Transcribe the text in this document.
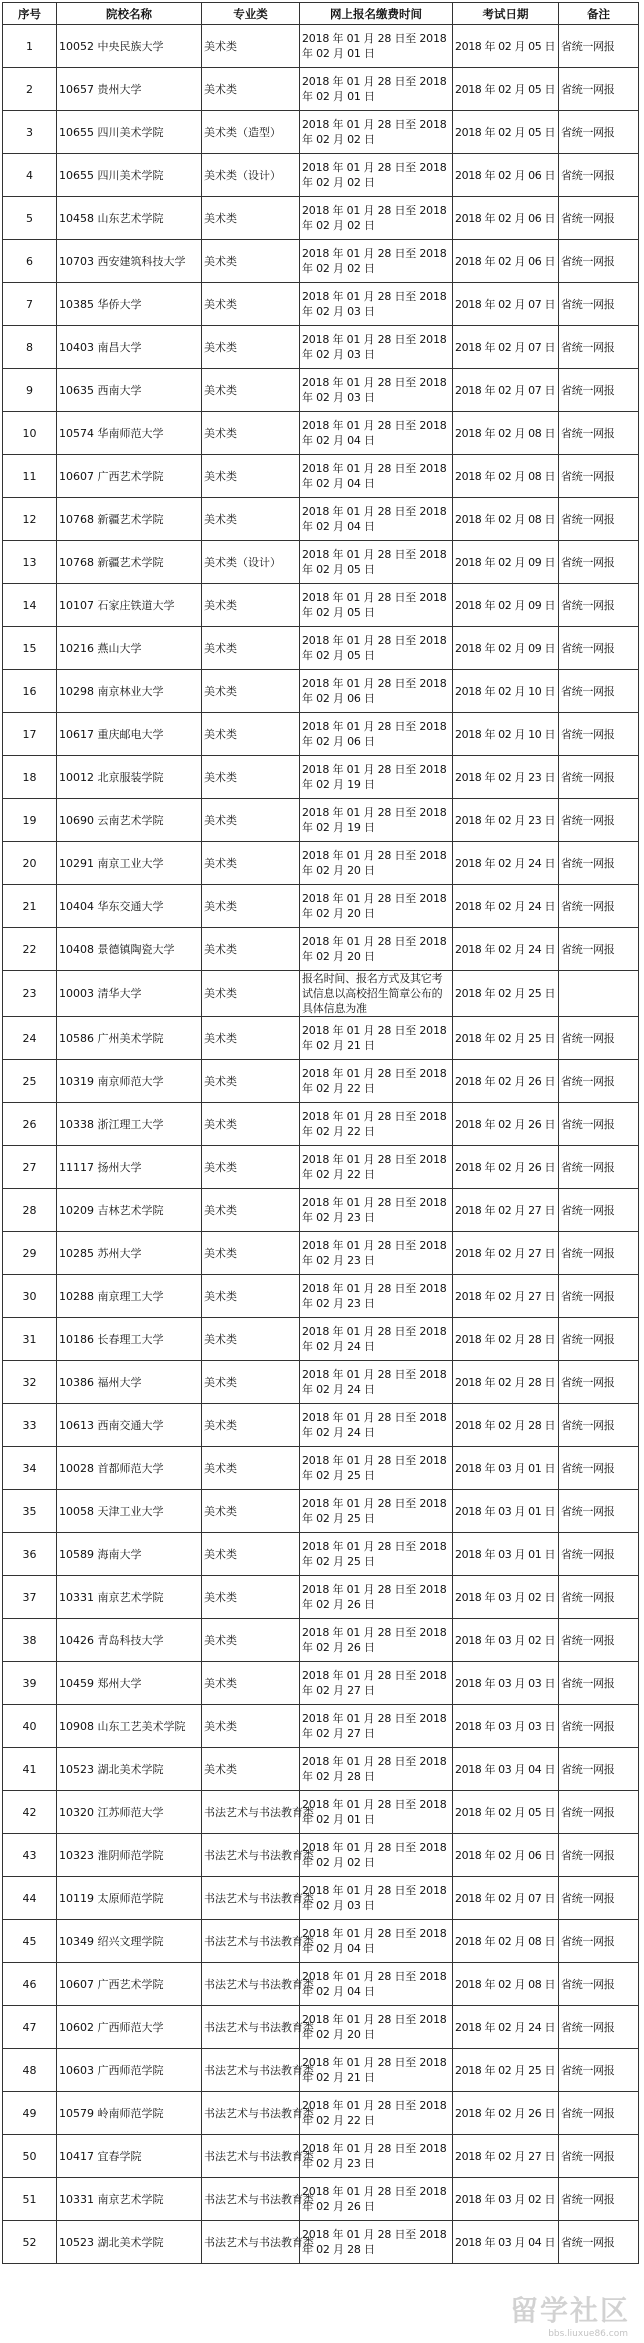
序号	院校名称	专业类	网上报名缴费时间	考试日期	备注
1	10052 中央民族大学	美术类	2018 年 01 月 28 日至 2018 年 02 月 01 日	2018 年 02 月 05 日	省统一网报
2	10657 贵州大学	美术类	2018 年 01 月 28 日至 2018 年 02 月 01 日	2018 年 02 月 05 日	省统一网报
3	10655 四川美术学院	美术类（造型）	2018 年 01 月 28 日至 2018 年 02 月 02 日	2018 年 02 月 05 日	省统一网报
4	10655 四川美术学院	美术类（设计）	2018 年 01 月 28 日至 2018 年 02 月 02 日	2018 年 02 月 06 日	省统一网报
5	10458 山东艺术学院	美术类	2018 年 01 月 28 日至 2018 年 02 月 02 日	2018 年 02 月 06 日	省统一网报
6	10703 西安建筑科技大学	美术类	2018 年 01 月 28 日至 2018 年 02 月 02 日	2018 年 02 月 06 日	省统一网报
7	10385 华侨大学	美术类	2018 年 01 月 28 日至 2018 年 02 月 03 日	2018 年 02 月 07 日	省统一网报
8	10403 南昌大学	美术类	2018 年 01 月 28 日至 2018 年 02 月 03 日	2018 年 02 月 07 日	省统一网报
9	10635 西南大学	美术类	2018 年 01 月 28 日至 2018 年 02 月 03 日	2018 年 02 月 07 日	省统一网报
10	10574 华南师范大学	美术类	2018 年 01 月 28 日至 2018 年 02 月 04 日	2018 年 02 月 08 日	省统一网报
11	10607 广西艺术学院	美术类	2018 年 01 月 28 日至 2018 年 02 月 04 日	2018 年 02 月 08 日	省统一网报
12	10768 新疆艺术学院	美术类	2018 年 01 月 28 日至 2018 年 02 月 04 日	2018 年 02 月 08 日	省统一网报
13	10768 新疆艺术学院	美术类（设计）	2018 年 01 月 28 日至 2018 年 02 月 05 日	2018 年 02 月 09 日	省统一网报
14	10107 石家庄铁道大学	美术类	2018 年 01 月 28 日至 2018 年 02 月 05 日	2018 年 02 月 09 日	省统一网报
15	10216 燕山大学	美术类	2018 年 01 月 28 日至 2018 年 02 月 05 日	2018 年 02 月 09 日	省统一网报
16	10298 南京林业大学	美术类	2018 年 01 月 28 日至 2018 年 02 月 06 日	2018 年 02 月 10 日	省统一网报
17	10617 重庆邮电大学	美术类	2018 年 01 月 28 日至 2018 年 02 月 06 日	2018 年 02 月 10 日	省统一网报
18	10012 北京服装学院	美术类	2018 年 01 月 28 日至 2018 年 02 月 19 日	2018 年 02 月 23 日	省统一网报
19	10690 云南艺术学院	美术类	2018 年 01 月 28 日至 2018 年 02 月 19 日	2018 年 02 月 23 日	省统一网报
20	10291 南京工业大学	美术类	2018 年 01 月 28 日至 2018 年 02 月 20 日	2018 年 02 月 24 日	省统一网报
21	10404 华东交通大学	美术类	2018 年 01 月 28 日至 2018 年 02 月 20 日	2018 年 02 月 24 日	省统一网报
22	10408 景德镇陶瓷大学	美术类	2018 年 01 月 28 日至 2018 年 02 月 20 日	2018 年 02 月 24 日	省统一网报
23	10003 清华大学	美术类	报名时间、报名方式及其它考试信息以高校招生简章公布的具体信息为准	2018 年 02 月 25 日	
24	10586 广州美术学院	美术类	2018 年 01 月 28 日至 2018 年 02 月 21 日	2018 年 02 月 25 日	省统一网报
25	10319 南京师范大学	美术类	2018 年 01 月 28 日至 2018 年 02 月 22 日	2018 年 02 月 26 日	省统一网报
26	10338 浙江理工大学	美术类	2018 年 01 月 28 日至 2018 年 02 月 22 日	2018 年 02 月 26 日	省统一网报
27	11117 扬州大学	美术类	2018 年 01 月 28 日至 2018 年 02 月 22 日	2018 年 02 月 26 日	省统一网报
28	10209 吉林艺术学院	美术类	2018 年 01 月 28 日至 2018 年 02 月 23 日	2018 年 02 月 27 日	省统一网报
29	10285 苏州大学	美术类	2018 年 01 月 28 日至 2018 年 02 月 23 日	2018 年 02 月 27 日	省统一网报
30	10288 南京理工大学	美术类	2018 年 01 月 28 日至 2018 年 02 月 23 日	2018 年 02 月 27 日	省统一网报
31	10186 长春理工大学	美术类	2018 年 01 月 28 日至 2018 年 02 月 24 日	2018 年 02 月 28 日	省统一网报
32	10386 福州大学	美术类	2018 年 01 月 28 日至 2018 年 02 月 24 日	2018 年 02 月 28 日	省统一网报
33	10613 西南交通大学	美术类	2018 年 01 月 28 日至 2018 年 02 月 24 日	2018 年 02 月 28 日	省统一网报
34	10028 首都师范大学	美术类	2018 年 01 月 28 日至 2018 年 02 月 25 日	2018 年 03 月 01 日	省统一网报
35	10058 天津工业大学	美术类	2018 年 01 月 28 日至 2018 年 02 月 25 日	2018 年 03 月 01 日	省统一网报
36	10589 海南大学	美术类	2018 年 01 月 28 日至 2018 年 02 月 25 日	2018 年 03 月 01 日	省统一网报
37	10331 南京艺术学院	美术类	2018 年 01 月 28 日至 2018 年 02 月 26 日	2018 年 03 月 02 日	省统一网报
38	10426 青岛科技大学	美术类	2018 年 01 月 28 日至 2018 年 02 月 26 日	2018 年 03 月 02 日	省统一网报
39	10459 郑州大学	美术类	2018 年 01 月 28 日至 2018 年 02 月 27 日	2018 年 03 月 03 日	省统一网报
40	10908 山东工艺美术学院	美术类	2018 年 01 月 28 日至 2018 年 02 月 27 日	2018 年 03 月 03 日	省统一网报
41	10523 湖北美术学院	美术类	2018 年 01 月 28 日至 2018 年 02 月 28 日	2018 年 03 月 04 日	省统一网报
42	10320 江苏师范大学	书法艺术与书法教育类	2018 年 01 月 28 日至 2018 年 02 月 01 日	2018 年 02 月 05 日	省统一网报
43	10323 淮阴师范学院	书法艺术与书法教育类	2018 年 01 月 28 日至 2018 年 02 月 02 日	2018 年 02 月 06 日	省统一网报
44	10119 太原师范学院	书法艺术与书法教育类	2018 年 01 月 28 日至 2018 年 02 月 03 日	2018 年 02 月 07 日	省统一网报
45	10349 绍兴文理学院	书法艺术与书法教育类	2018 年 01 月 28 日至 2018 年 02 月 04 日	2018 年 02 月 08 日	省统一网报
46	10607 广西艺术学院	书法艺术与书法教育类	2018 年 01 月 28 日至 2018 年 02 月 04 日	2018 年 02 月 08 日	省统一网报
47	10602 广西师范大学	书法艺术与书法教育类	2018 年 01 月 28 日至 2018 年 02 月 20 日	2018 年 02 月 24 日	省统一网报
48	10603 广西师范学院	书法艺术与书法教育类	2018 年 01 月 28 日至 2018 年 02 月 21 日	2018 年 02 月 25 日	省统一网报
49	10579 岭南师范学院	书法艺术与书法教育类	2018 年 01 月 28 日至 2018 年 02 月 22 日	2018 年 02 月 26 日	省统一网报
50	10417 宜春学院	书法艺术与书法教育类	2018 年 01 月 28 日至 2018 年 02 月 23 日	2018 年 02 月 27 日	省统一网报
51	10331 南京艺术学院	书法艺术与书法教育类	2018 年 01 月 28 日至 2018 年 02 月 26 日	2018 年 03 月 02 日	省统一网报
52	10523 湖北美术学院	书法艺术与书法教育类	2018 年 01 月 28 日至 2018 年 02 月 28 日	2018 年 03 月 04 日	省统一网报
留学社区
bbs.liuxue86.com
